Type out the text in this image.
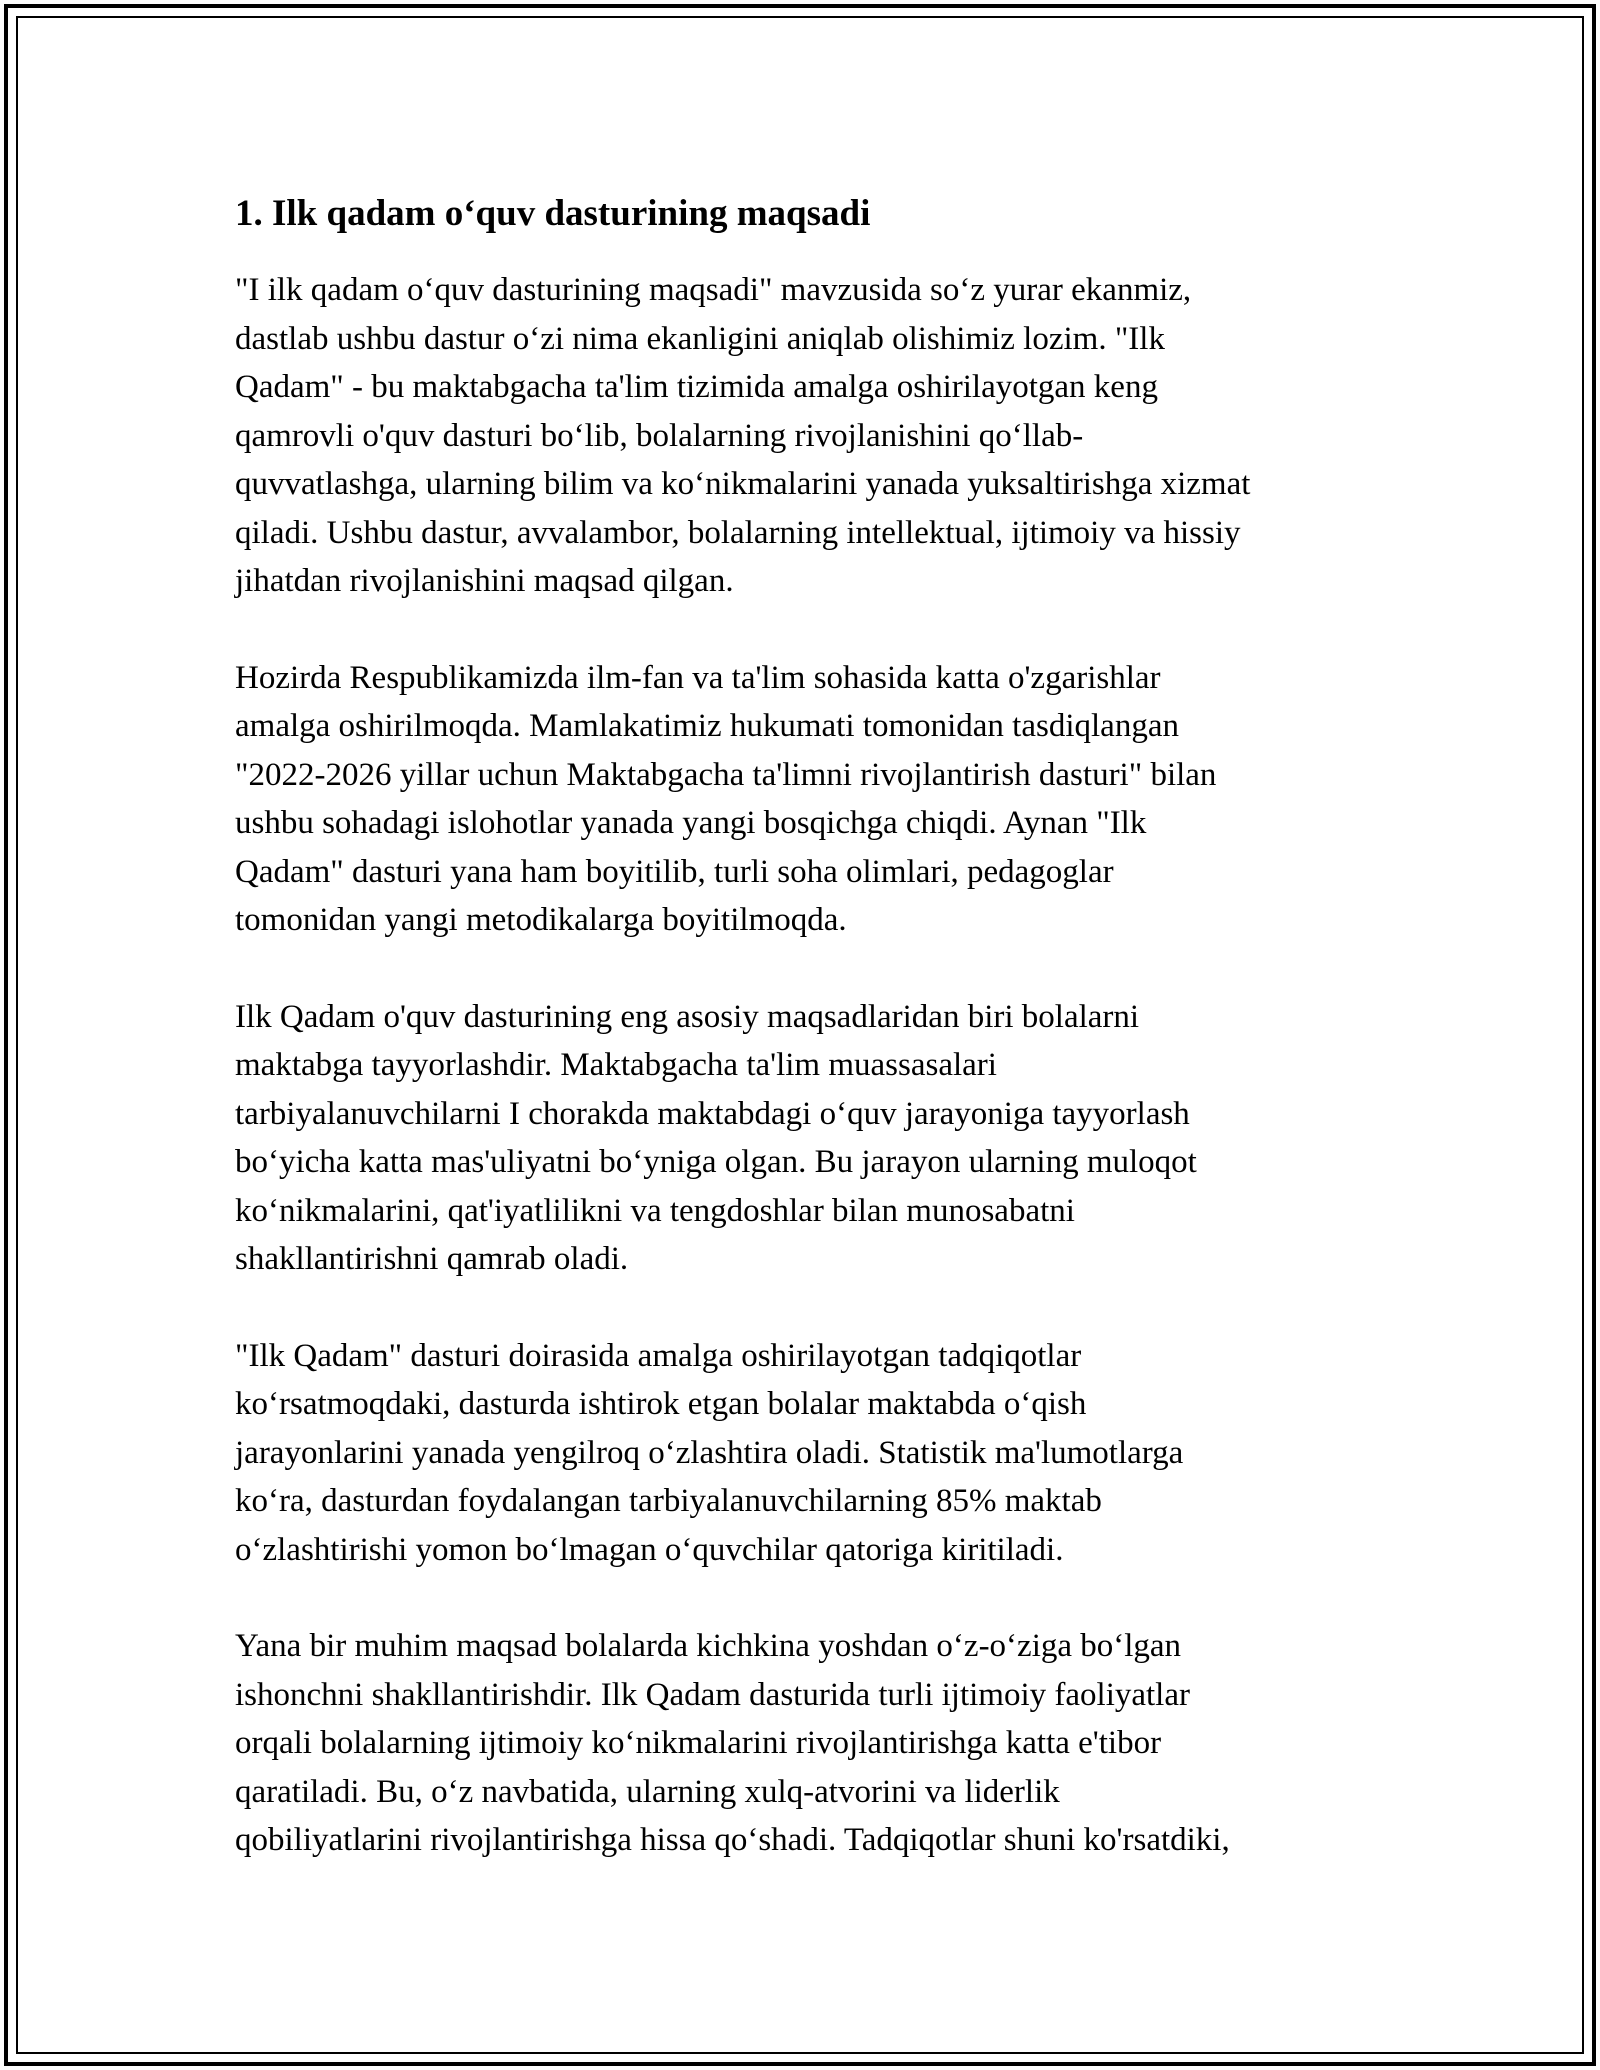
1. Ilk qadam o‘quv dasturining maqsadi

"I ilk qadam o‘quv dasturining maqsadi" mavzusida so‘z yurar ekanmiz,
dastlab ushbu dastur o‘zi nima ekanligini aniqlab olishimiz lozim. "Ilk
Qadam" - bu maktabgacha ta'lim tizimida amalga oshirilayotgan keng
qamrovli o'quv dasturi bo‘lib, bolalarning rivojlanishini qo‘llab-
quvvatlashga, ularning bilim va ko‘nikmalarini yanada yuksaltirishga xizmat
qiladi. Ushbu dastur, avvalambor, bolalarning intellektual, ijtimoiy va hissiy
jihatdan rivojlanishini maqsad qilgan.

Hozirda Respublikamizda ilm-fan va ta'lim sohasida katta o'zgarishlar
amalga oshirilmoqda. Mamlakatimiz hukumati tomonidan tasdiqlangan
"2022-2026 yillar uchun Maktabgacha ta'limni rivojlantirish dasturi" bilan
ushbu sohadagi islohotlar yanada yangi bosqichga chiqdi. Aynan "Ilk
Qadam" dasturi yana ham boyitilib, turli soha olimlari, pedagoglar
tomonidan yangi metodikalarga boyitilmoqda.

Ilk Qadam o'quv dasturining eng asosiy maqsadlaridan biri bolalarni
maktabga tayyorlashdir. Maktabgacha ta'lim muassasalari
tarbiyalanuvchilarni I chorakda maktabdagi o‘quv jarayoniga tayyorlash
bo‘yicha katta mas'uliyatni bo‘yniga olgan. Bu jarayon ularning muloqot
ko‘nikmalarini, qat'iyatlilikni va tengdoshlar bilan munosabatni
shakllantirishni qamrab oladi.

"Ilk Qadam" dasturi doirasida amalga oshirilayotgan tadqiqotlar
ko‘rsatmoqdaki, dasturda ishtirok etgan bolalar maktabda o‘qish
jarayonlarini yanada yengilroq o‘zlashtira oladi. Statistik ma'lumotlarga
ko‘ra, dasturdan foydalangan tarbiyalanuvchilarning 85% maktab
o‘zlashtirishi yomon bo‘lmagan o‘quvchilar qatoriga kiritiladi.

Yana bir muhim maqsad bolalarda kichkina yoshdan o‘z-o‘ziga bo‘lgan
ishonchni shakllantirishdir. Ilk Qadam dasturida turli ijtimoiy faoliyatlar
orqali bolalarning ijtimoiy ko‘nikmalarini rivojlantirishga katta e'tibor
qaratiladi. Bu, o‘z navbatida, ularning xulq-atvorini va liderlik
qobiliyatlarini rivojlantirishga hissa qo‘shadi. Tadqiqotlar shuni ko'rsatdiki,
